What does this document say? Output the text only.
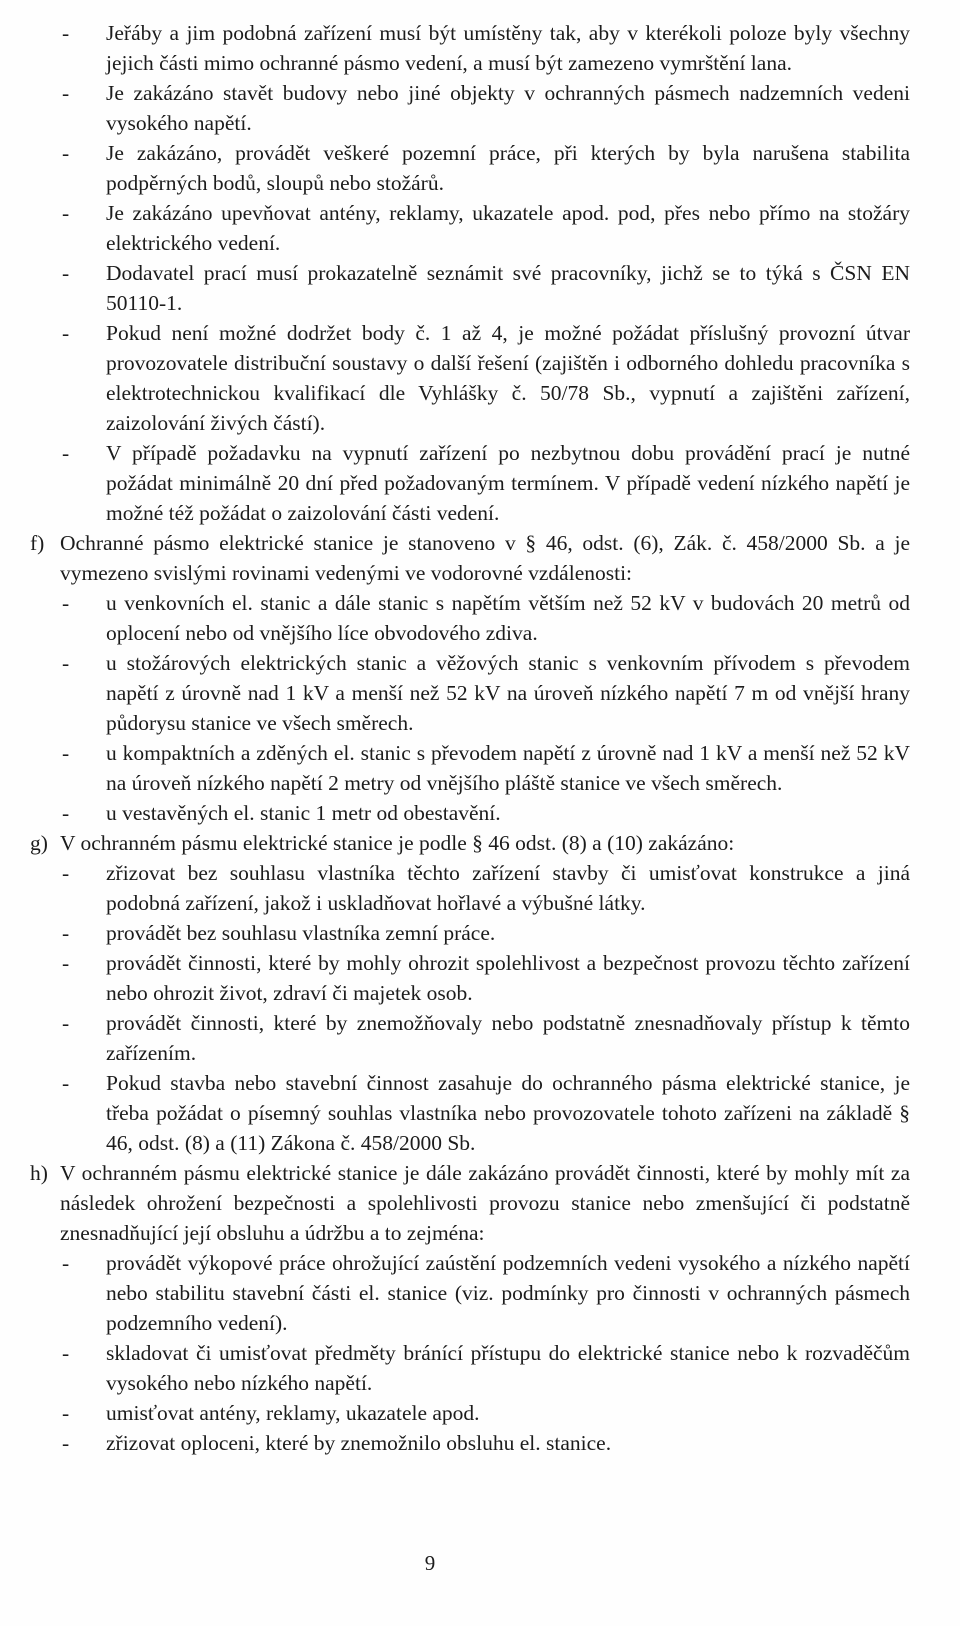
- Jeřáby a jim podobná zařízení musí být umístěny tak, aby v kterékoli poloze byly všechny jejich části mimo ochranné pásmo vedení, a musí být zamezeno vymrštění lana.
- Je zakázáno stavět budovy nebo jiné objekty v ochranných pásmech nadzemních vedeni vysokého napětí.
- Je zakázáno, provádět veškeré pozemní práce, při kterých by byla narušena stabilita podpěrných bodů, sloupů nebo stožárů.
- Je zakázáno upevňovat antény, reklamy, ukazatele apod. pod, přes nebo přímo na stožáry elektrického vedení.
- Dodavatel prací musí prokazatelně seznámit své pracovníky, jichž se to týká s ČSN EN 50110-1.
- Pokud není možné dodržet body č. 1 až 4, je možné požádat příslušný provozní útvar provozovatele distribuční soustavy o další řešení (zajištěn i odborného dohledu pracovníka s elektrotechnickou kvalifikací dle Vyhlášky č. 50/78 Sb., vypnutí a zajištěni zařízení, zaizolování živých částí).
- V případě požadavku na vypnutí zařízení po nezbytnou dobu provádění prací je nutné požádat minimálně 20 dní před požadovaným termínem. V případě vedení nízkého napětí je možné též požádat o zaizolování části vedení.
f) Ochranné pásmo elektrické stanice je stanoveno v § 46, odst. (6), Zák. č. 458/2000 Sb. a je vymezeno svislými rovinami vedenými ve vodorovné vzdálenosti:
- u venkovních el. stanic a dále stanic s napětím větším než 52 kV v budovách 20 metrů od oplocení nebo od vnějšího líce obvodového zdiva.
- u stožárových elektrických stanic a věžových stanic s venkovním přívodem s převodem napětí z úrovně nad 1 kV a menší než 52 kV na úroveň nízkého napětí 7 m od vnější hrany půdorysu stanice ve všech směrech.
- u kompaktních a zděných el. stanic s převodem napětí z úrovně nad 1 kV a menší než 52 kV na úroveň nízkého napětí 2 metry od vnějšího pláště stanice ve všech směrech.
- u vestavěných el. stanic 1 metr od obestavění.
g) V ochranném pásmu elektrické stanice je podle § 46 odst. (8) a (10) zakázáno:
- zřizovat bez souhlasu vlastníka těchto zařízení stavby či umisťovat konstrukce a jiná podobná zařízení, jakož i uskladňovat hořlavé a výbušné látky.
- provádět bez souhlasu vlastníka zemní práce.
- provádět činnosti, které by mohly ohrozit spolehlivost a bezpečnost provozu těchto zařízení nebo ohrozit život, zdraví či majetek osob.
- provádět činnosti, které by znemožňovaly nebo podstatně znesnadňovaly přístup k těmto zařízením.
- Pokud stavba nebo stavební činnost zasahuje do ochranného pásma elektrické stanice, je třeba požádat o písemný souhlas vlastníka nebo provozovatele tohoto zařízeni na základě § 46, odst. (8) a (11) Zákona č. 458/2000 Sb.
h) V ochranném pásmu elektrické stanice je dále zakázáno provádět činnosti, které by mohly mít za následek ohrožení bezpečnosti a spolehlivosti provozu stanice nebo zmenšující či podstatně znesnadňující její obsluhu a údržbu a to zejména:
- provádět výkopové práce ohrožující zaústění podzemních vedeni vysokého a nízkého napětí nebo stabilitu stavební části el. stanice (viz. podmínky pro činnosti v ochranných pásmech podzemního vedení).
- skladovat či umisťovat předměty bránící přístupu do elektrické stanice nebo k rozvaděčům vysokého nebo nízkého napětí.
- umisťovat antény, reklamy, ukazatele apod.
- zřizovat oploceni, které by znemožnilo obsluhu el. stanice.
9
